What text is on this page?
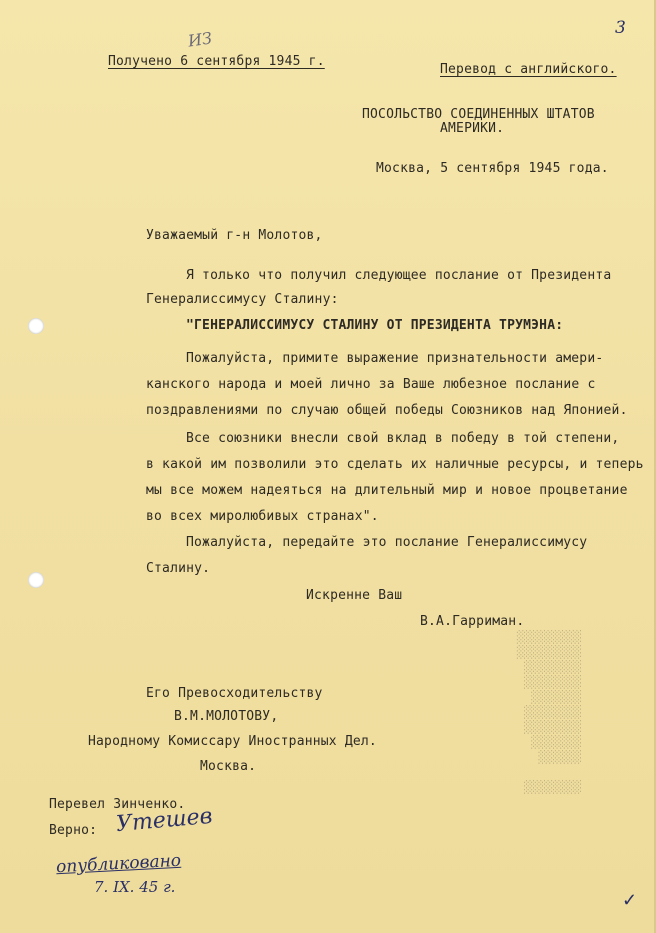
░░░░░░░░░
░░░░░░░░░
░░░░░░░░
░░░░░░░░
░░░░░░░
░░░░░░░░
░░░░░░░░
░░░░░░░
░░░░░░

░░░░░░░░
3
Получено 6 сентября 1945 г.
ИЗ
Перевод с английского.
ПОСОЛЬСТВО СОЕДИНЕННЫХ ШТАТОВ
АМЕРИКИ.
Москва, 5 сентября 1945 года.
Уважаемый г-н Молотов,
Я только что получил следующее послание от Президента
Генералиссимусу Сталину:
"ГЕНЕРАЛИССИМУСУ СТАЛИНУ ОТ ПРЕЗИДЕНТА ТРУМЭНА:
Пожалуйста, примите выражение признательности амери-
канского народа и моей лично за Ваше любезное послание с
поздравлениями по случаю общей победы Союзников над Японией.
Все союзники внесли свой вклад в победу в той степени,
в какой им позволили это сделать их наличные ресурсы, и теперь
мы все можем надеяться на длительный мир и новое процветание
во всех миролюбивых странах".
Пожалуйста, передайте это послание Генералиссимусу
Сталину.
Искренне Ваш
В.А.Гарриман.
Его Превосходительству
В.М.МОЛОТОВУ,
Народному Комиссару Иностранных Дел.
Москва.
Перевел Зинченко.
Верно: Утешев
опубликовано
7. IX. 45 г.
✓
